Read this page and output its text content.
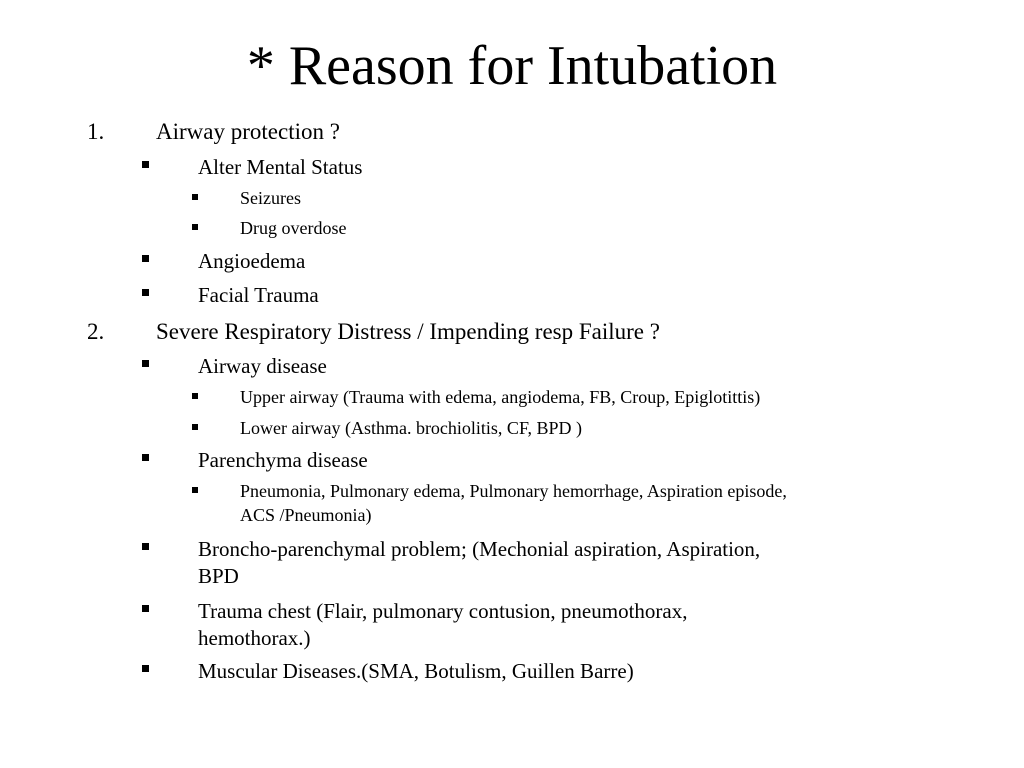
* Reason for Intubation
1. Airway protection ?
Alter Mental Status
Seizures
Drug overdose
Angioedema
Facial Trauma
2. Severe Respiratory Distress / Impending resp Failure ?
Airway disease
Upper airway (Trauma with edema, angiodema, FB, Croup, Epiglotittis)
Lower airway (Asthma. brochiolitis, CF, BPD )
Parenchyma disease
Pneumonia, Pulmonary edema, Pulmonary hemorrhage, Aspiration episode,
ACS /Pneumonia)
Broncho-parenchymal problem; (Mechonial aspiration, Aspiration,
BPD
Trauma chest (Flair, pulmonary contusion, pneumothorax,
hemothorax.)
Muscular Diseases.(SMA, Botulism, Guillen Barre)
